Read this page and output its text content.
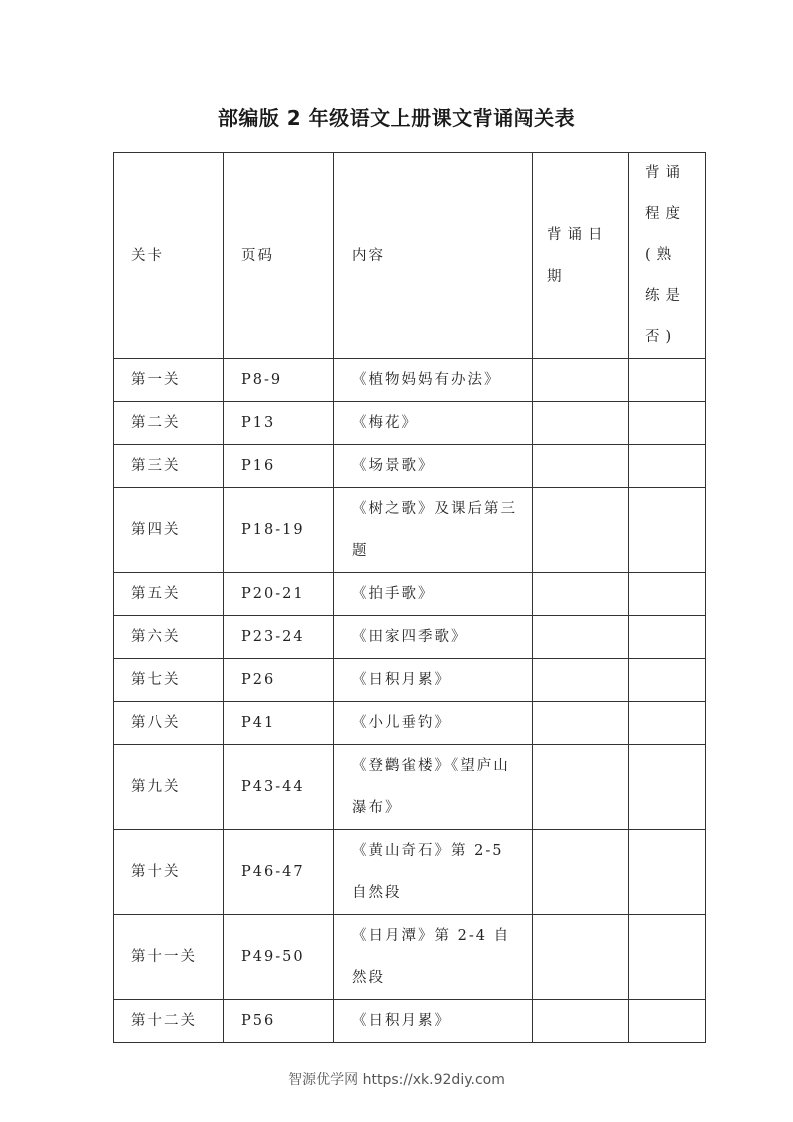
部编版 2 年级语文上册课文背诵闯关表
关卡	页码	内容	背诵日期	背诵程度(熟练是否)
第一关	P8-9	《植物妈妈有办法》		
第二关	P13	《梅花》		
第三关	P16	《场景歌》		
第四关	P18-19	《树之歌》及课后第三题		
第五关	P20-21	《拍手歌》		
第六关	P23-24	《田家四季歌》		
第七关	P26	《日积月累》		
第八关	P41	《小儿垂钓》		
第九关	P43-44	《登鹳雀楼》《望庐山瀑布》		
第十关	P46-47	《黄山奇石》第 2-5 自然段		
第十一关	P49-50	《日月潭》第 2-4 自然段		
第十二关	P56	《日积月累》		
智源优学网 https://xk.92diy.com
